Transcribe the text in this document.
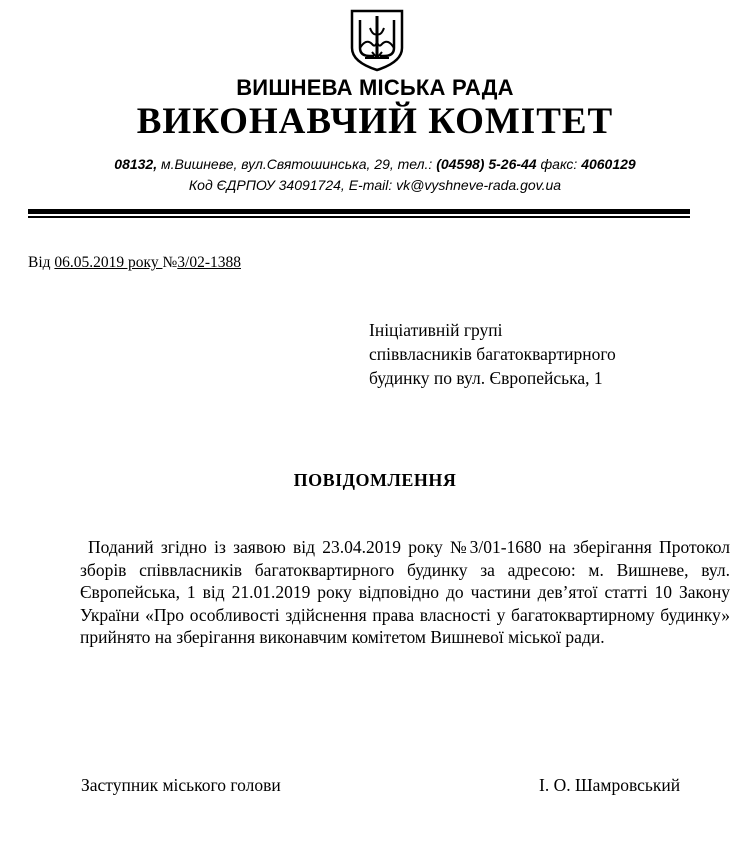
ВИШНЕВА МІСЬКА РАДА
ВИКОНАВЧИЙ КОМІТЕТ
08132, м.Вишневе, вул.Святошинська, 29, тел.: (04598) 5-26-44 факс: 4060129
Код ЄДРПОУ 34091724, E-mail: vk@vyshneve-rada.gov.ua
Від 06.05.2019 року №3/02-1388
Ініціативній групі
співвласників багатоквартирного
будинку по вул. Європейська, 1
ПОВІДОМЛЕННЯ
Поданий згідно із заявою від 23.04.2019 року №3/01-1680 на зберігання Протокол зборів співвласників багатоквартирного будинку за адресою: м. Вишневе, вул. Європейська, 1 від 21.01.2019 року відповідно до частини дев’ятої статті 10 Закону України «Про особливості здійснення права власності у багатоквартирному будинку» прийнято на зберігання виконавчим комітетом Вишневої міської ради.
Заступник міського голови	І. О. Шамровський
